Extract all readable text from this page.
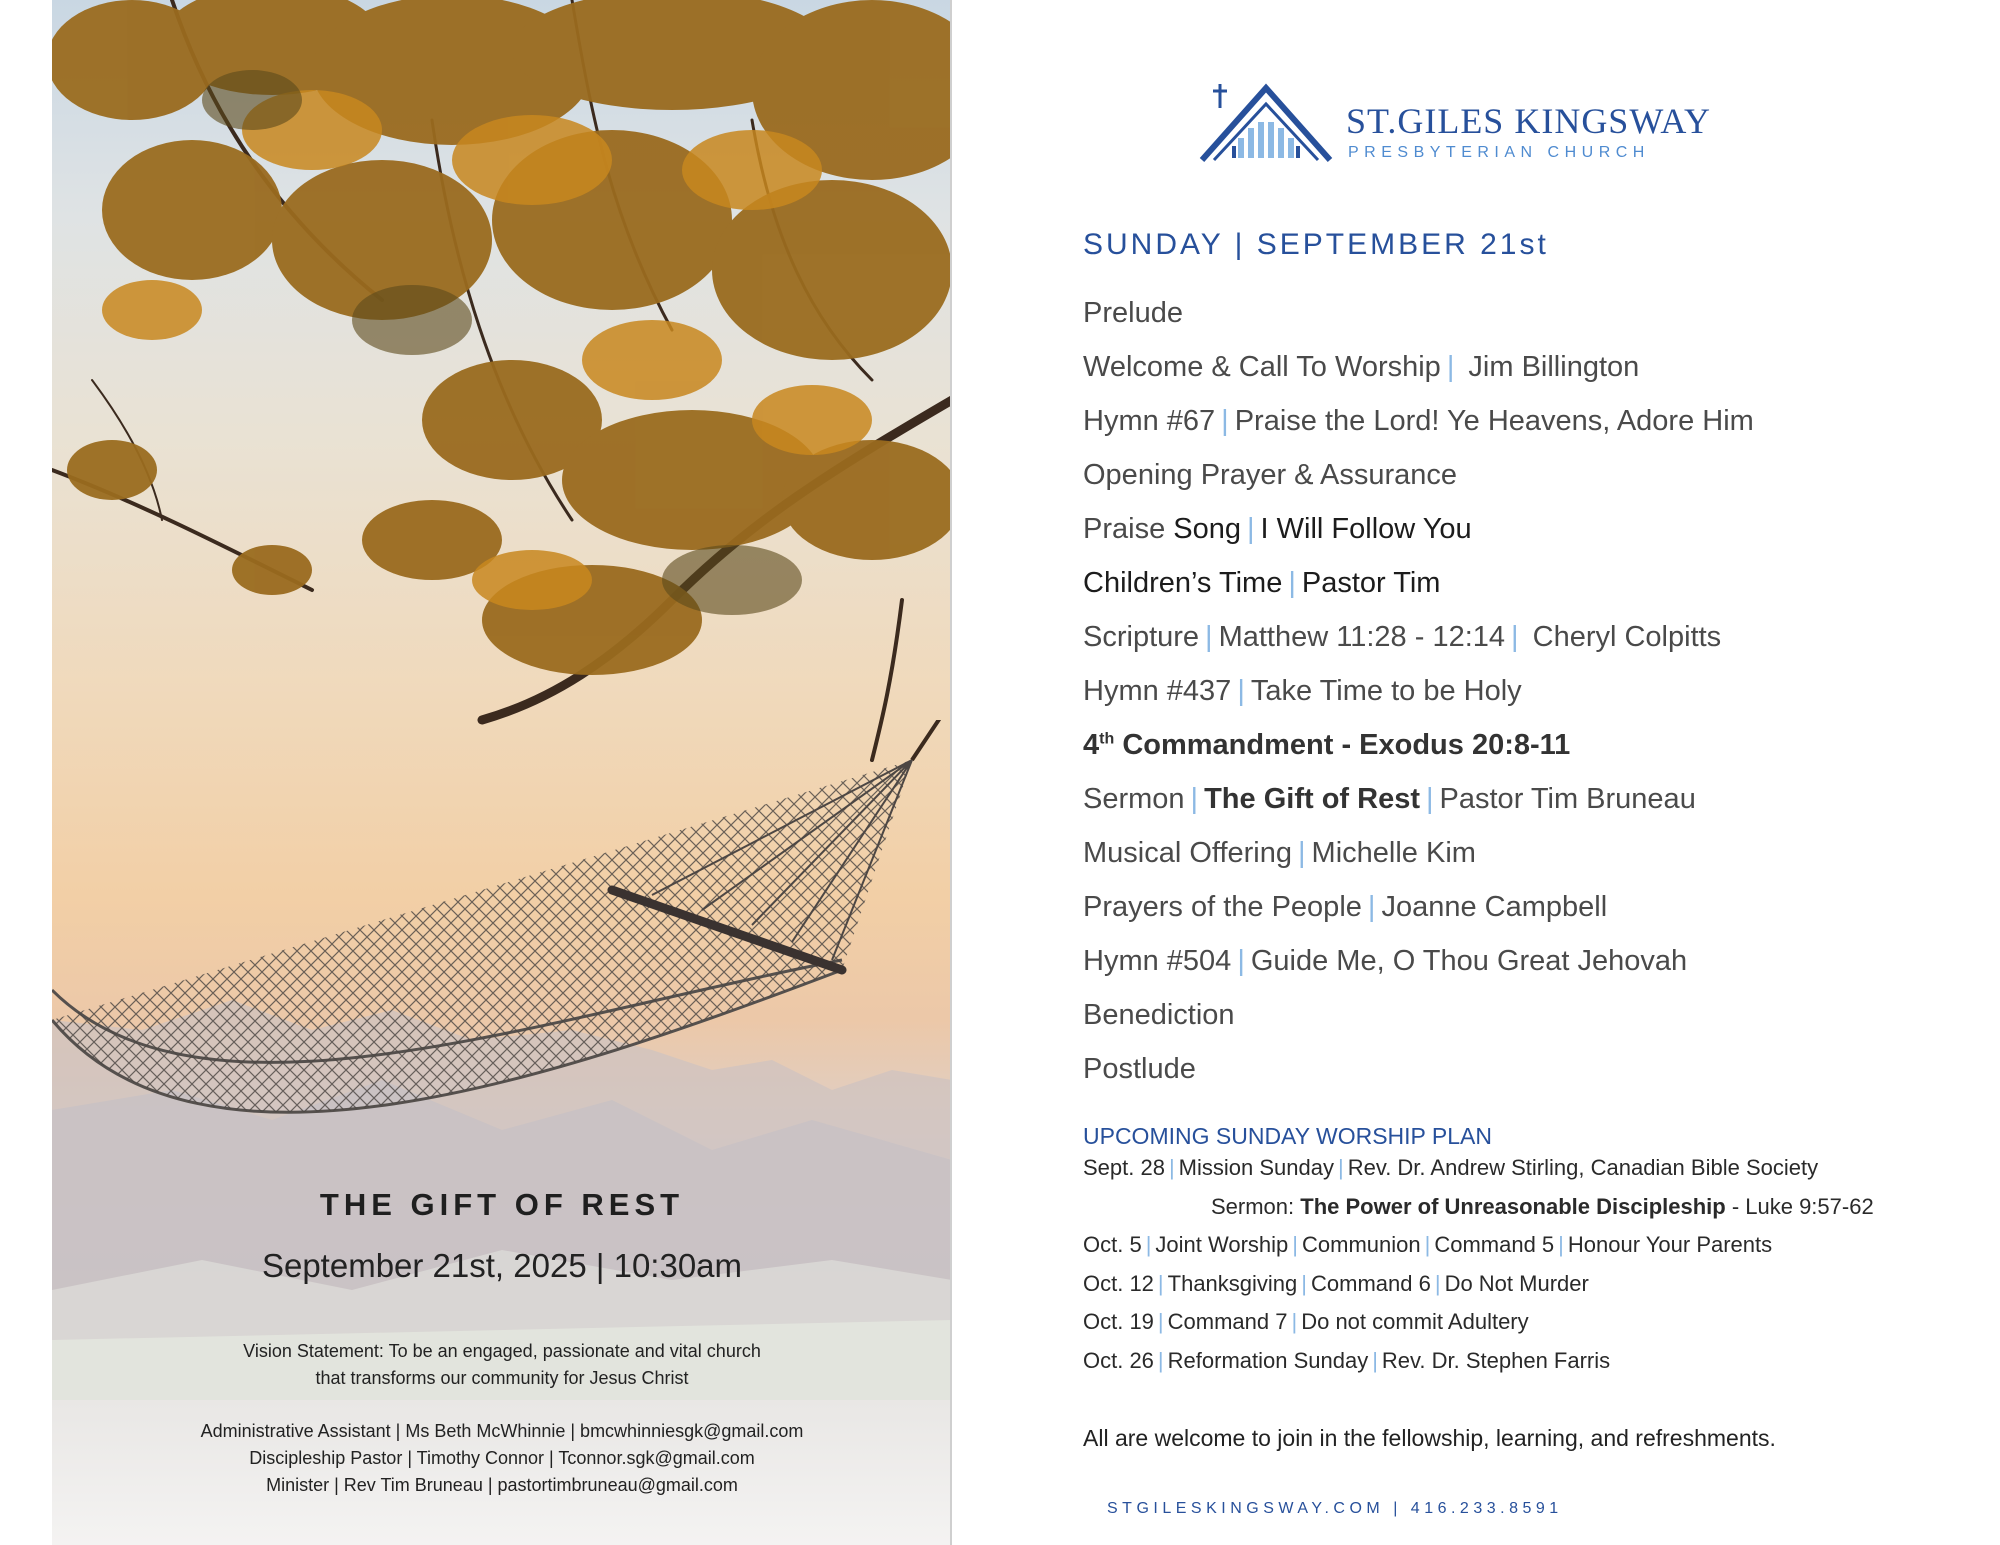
THE GIFT OF REST
September 21st, 2025 | 10:30am
Vision Statement: To be an engaged, passionate and vital church
that transforms our community for Jesus Christ
Administrative Assistant | Ms Beth McWhinnie | bmcwhinniesgk@gmail.com
Discipleship Pastor | Timothy Connor | Tconnor.sgk@gmail.com
Minister | Rev Tim Bruneau | pastortimbruneau@gmail.com
ST.GILES KINGSWAY
PRESBYTERIAN CHURCH
SUNDAY | SEPTEMBER 21st
Prelude
Welcome & Call To Worship | Jim Billington
Hymn #67 | Praise the Lord! Ye Heavens, Adore Him
Opening Prayer & Assurance
Praise Song | I Will Follow You
Children’s Time | Pastor Tim
Scripture | Matthew 11:28 - 12:14 | Cheryl Colpitts
Hymn #437 | Take Time to be Holy
4th Commandment - Exodus 20:8-11
Sermon | The Gift of Rest | Pastor Tim Bruneau
Musical Offering | Michelle Kim
Prayers of the People | Joanne Campbell
Hymn #504 | Guide Me, O Thou Great Jehovah
Benediction
Postlude
UPCOMING SUNDAY WORSHIP PLAN
Sept. 28 | Mission Sunday | Rev. Dr. Andrew Stirling, Canadian Bible Society
Sermon: The Power of Unreasonable Discipleship - Luke 9:57-62
Oct. 5 | Joint Worship | Communion | Command 5 | Honour Your Parents
Oct. 12 | Thanksgiving | Command 6 | Do Not Murder
Oct. 19 | Command 7 | Do not commit Adultery
Oct. 26 | Reformation Sunday | Rev. Dr. Stephen Farris
All are welcome to join in the fellowship, learning, and refreshments.
STGILESKINGSWAY.COM | 416.233.8591
